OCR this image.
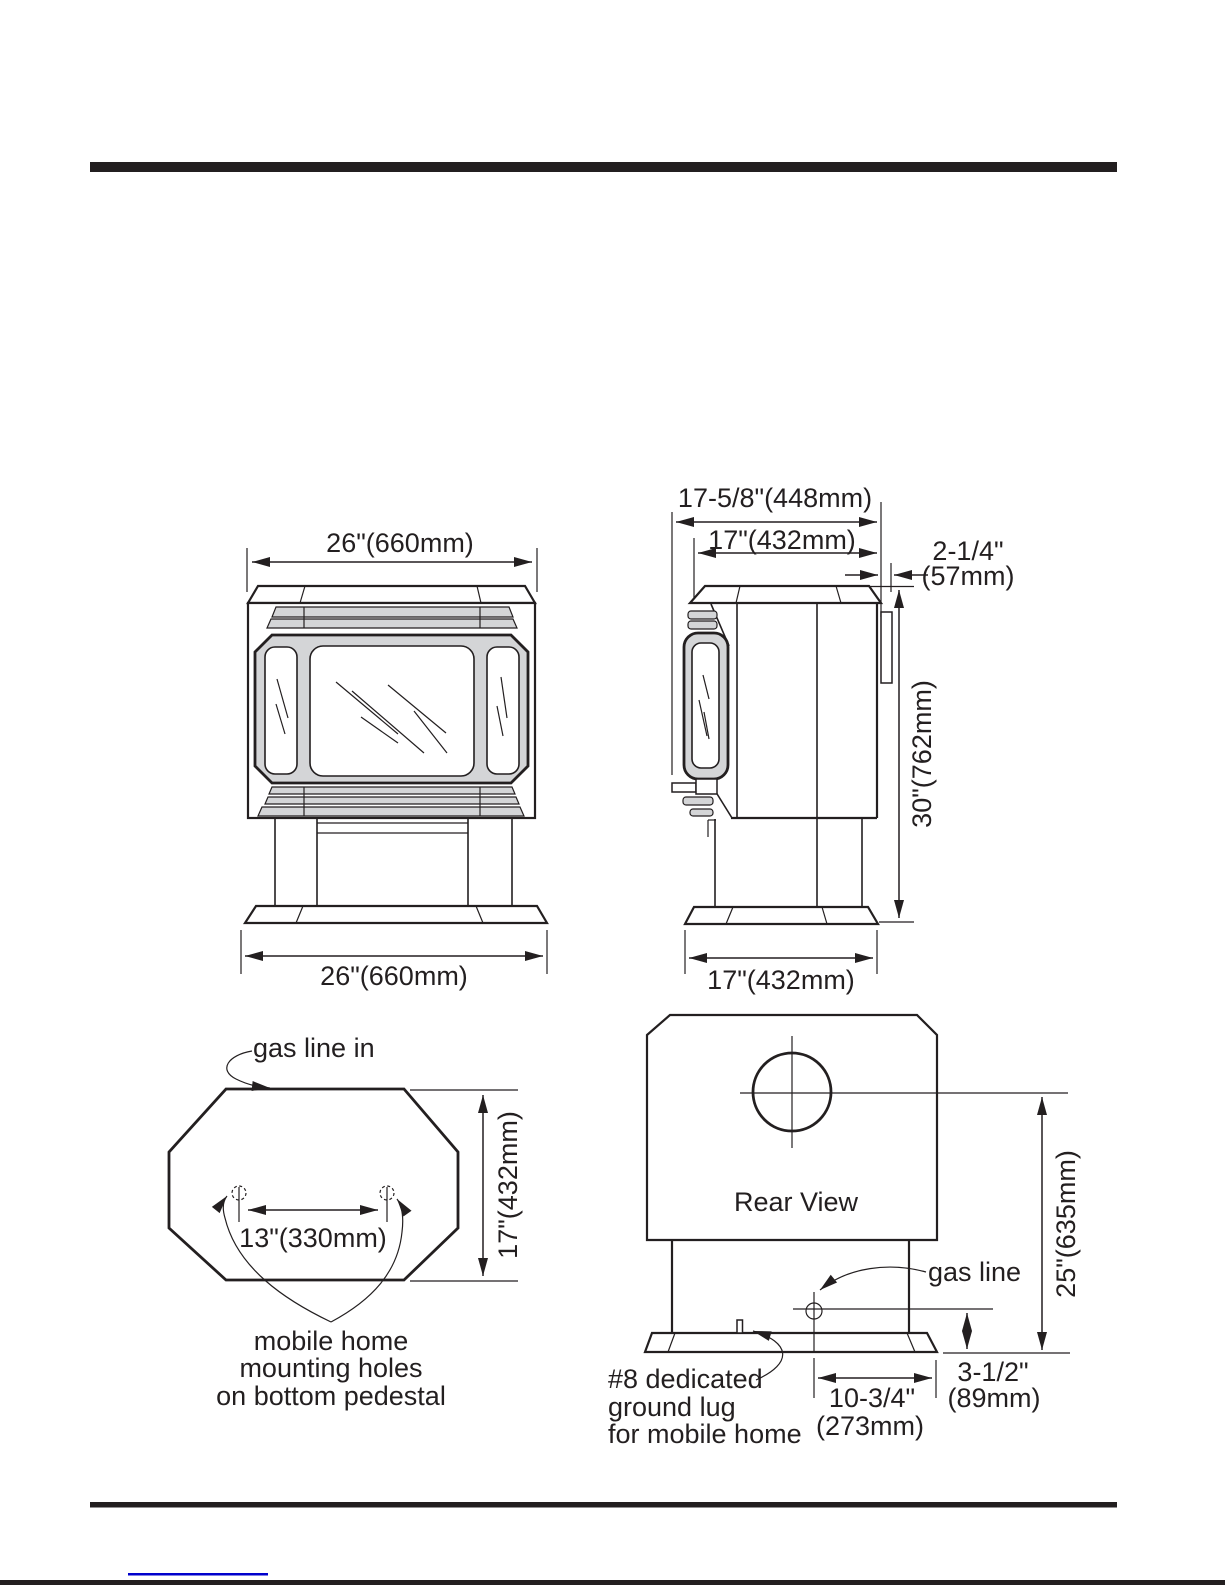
26"(660mm)
26"(660mm)
17-5/8"(448mm)
17"(432mm)	2-1/4"
(57mm)
30"(762mm)
17"(432mm)
13"(330mm)
gas line in
17"(432mm)
mobile home
mounting holes
on bottom pedestal
Rear View
gas line 25"(635mm)
3-1/2"
(89mm)
10-3/4"
(273mm)
#8 dedicated
ground lug
for mobile home
